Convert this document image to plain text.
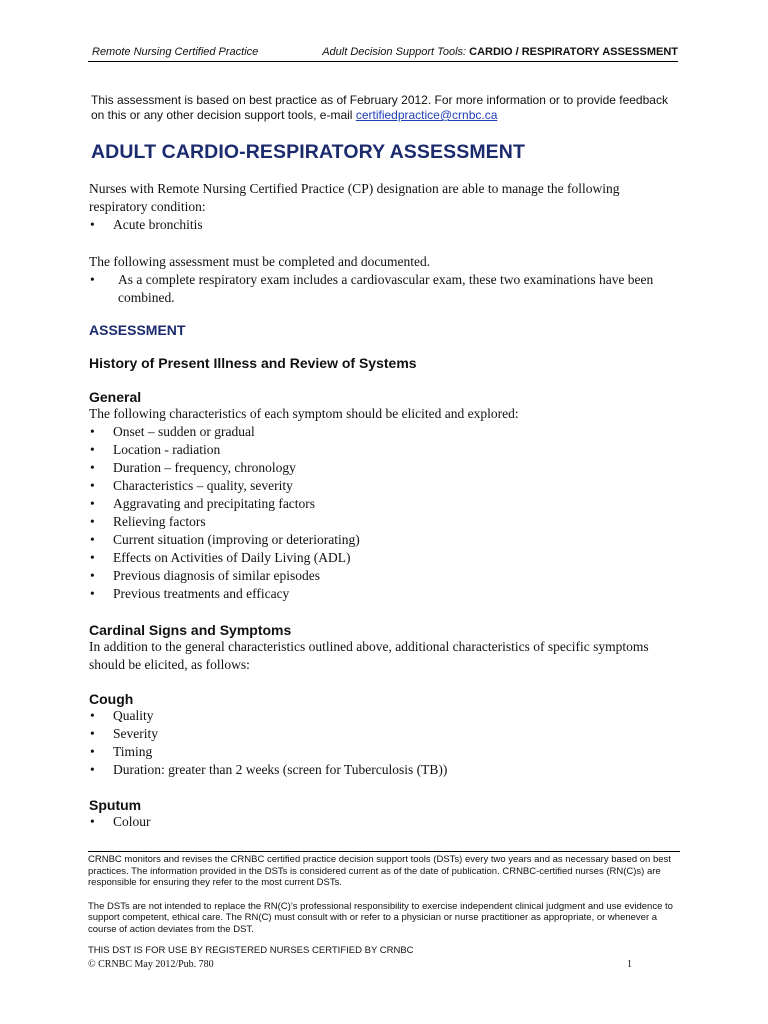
Remote Nursing Certified Practice	Adult Decision Support Tools: CARDIO / RESPIRATORY ASSESSMENT
This assessment is based on best practice as of February 2012. For more information or to provide feedback on this or any other decision support tools, e-mail certifiedpractice@crnbc.ca
ADULT CARDIO-RESPIRATORY ASSESSMENT
Nurses with Remote Nursing Certified Practice (CP) designation are able to manage the following respiratory condition:
• Acute bronchitis
The following assessment must be completed and documented.
• As a complete respiratory exam includes a cardiovascular exam, these two examinations have been combined.
ASSESSMENT
History of Present Illness and Review of Systems
General
The following characteristics of each symptom should be elicited and explored:
• Onset – sudden or gradual
• Location - radiation
• Duration – frequency, chronology
• Characteristics – quality, severity
• Aggravating and precipitating factors
• Relieving factors
• Current situation (improving or deteriorating)
• Effects on Activities of Daily Living (ADL)
• Previous diagnosis of similar episodes
• Previous treatments and efficacy
Cardinal Signs and Symptoms
In addition to the general characteristics outlined above, additional characteristics of specific symptoms should be elicited, as follows:
Cough
• Quality
• Severity
• Timing
• Duration: greater than 2 weeks (screen for Tuberculosis (TB))
Sputum
• Colour

CRNBC monitors and revises the CRNBC certified practice decision support tools (DSTs) every two years and as necessary based on best practices. The information provided in the DSTs is considered current as of the date of publication. CRNBC-certified nurses (RN(C)s) are responsible for ensuring they refer to the most current DSTs.

The DSTs are not intended to replace the RN(C)’s professional responsibility to exercise independent clinical judgment and use evidence to support competent, ethical care. The RN(C) must consult with or refer to a physician or nurse practitioner as appropriate, or whenever a course of action deviates from the DST.

THIS DST IS FOR USE BY REGISTERED NURSES CERTIFIED BY CRNBC

© CRNBC May 2012/Pub. 780	1
